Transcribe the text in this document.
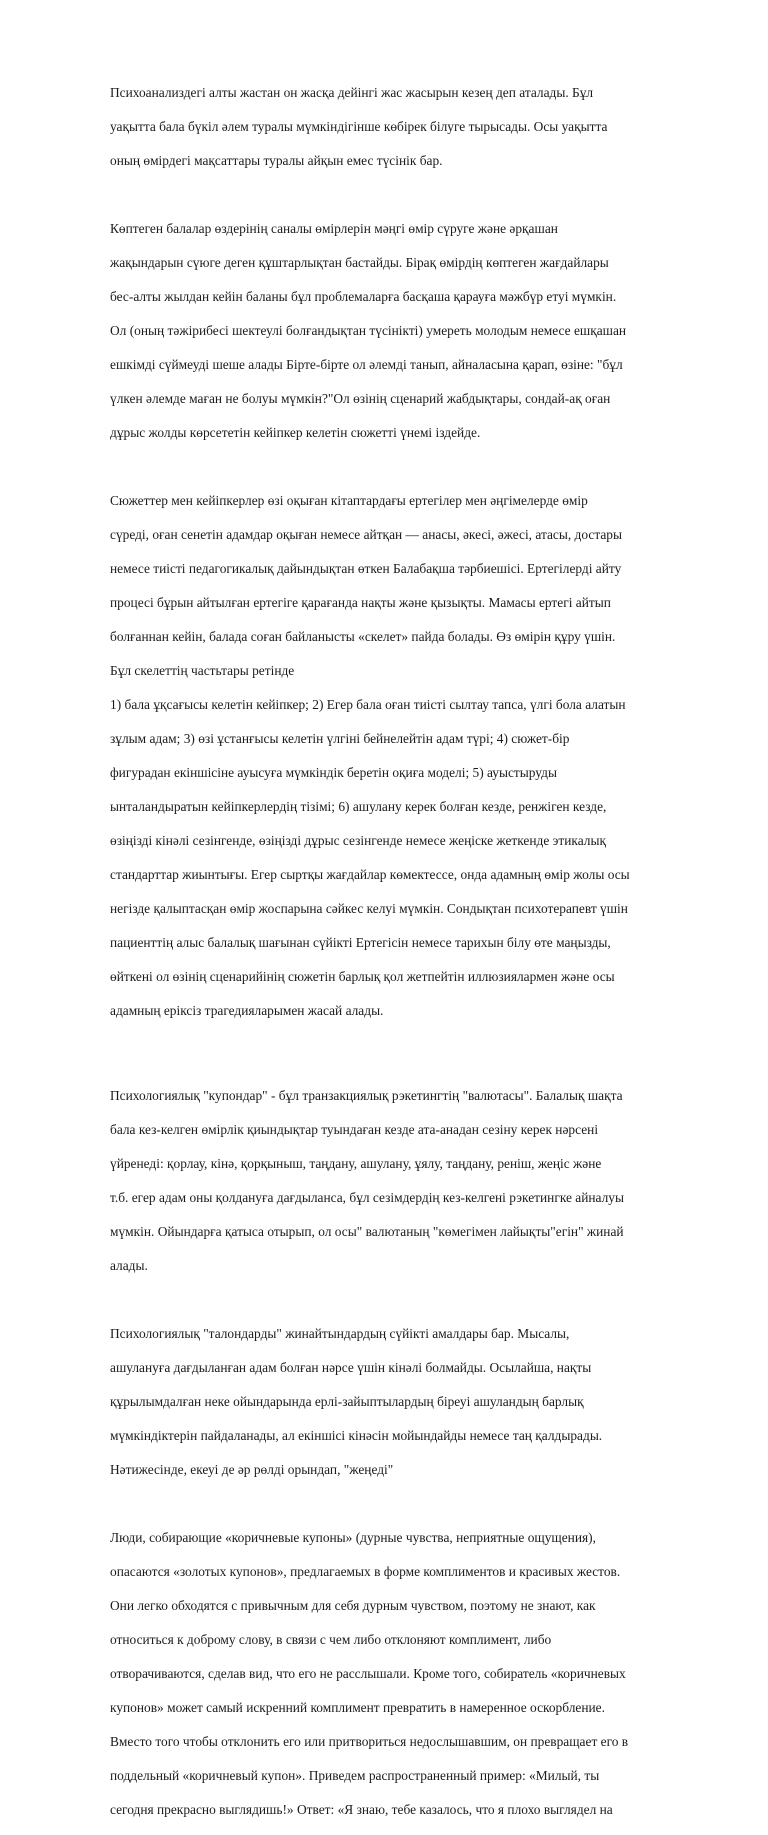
Психоанализдегі алты жастан он жасқа дейінгі жас жасырын кезең деп аталады. Бұл

уақытта бала бүкіл әлем туралы мүмкіндігінше көбірек білуге тырысады. Осы уақытта

оның өмірдегі мақсаттары туралы айқын емес түсінік бар.

Көптеген балалар өздерінің саналы өмірлерін мәңгі өмір сүруге және әрқашан

жақындарын сүюге деген құштарлықтан бастайды. Бірақ өмірдің көптеген жағдайлары

бес-алты жылдан кейін баланы бұл проблемаларға басқаша қарауға мәжбүр етуі мүмкін.

Ол (оның тәжірибесі шектеулі болғандықтан түсінікті) умереть молодым немесе ешқашан

ешкімді сүймеуді шеше алады Бірте-бірте ол әлемді танып, айналасына қарап, өзіне: "бұл

үлкен әлемде маған не болуы мүмкін?"Ол өзінің сценарий жабдықтары, сондай-ақ оған

дұрыс жолды көрсететін кейіпкер келетін сюжетті үнемі іздейде.

Сюжеттер мен кейіпкерлер өзі оқыған кітаптардағы ертегілер мен әңгімелерде өмір

сүреді, оған сенетін адамдар оқыған немесе айтқан — анасы, әкесі, әжесі, атасы, достары

немесе тиісті педагогикалық дайындықтан өткен Балабақша тәрбиешісі. Ертегілерді айту

процесі бұрын айтылған ертегіге қарағанда нақты және қызықты. Мамасы ертегі айтып

болғаннан кейін, балада соған байланысты «скелет» пайда болады. Өз өмірін құру үшін.

Бұл скелеттің частьтары ретінде

1) бала ұқсағысы келетін кейіпкер; 2) Егер бала оған тиісті сылтау тапса, үлгі бола алатын

зұлым адам; 3) өзі ұстанғысы келетін үлгіні бейнелейтін адам түрі; 4) сюжет-бір

фигурадан екіншісіне ауысуға мүмкіндік беретін оқиға моделі; 5) ауыстыруды

ынталандыратын кейіпкерлердің тізімі; 6) ашулану керек болған кезде, ренжіген кезде,

өзіңізді кінәлі сезінгенде, өзіңізді дұрыс сезінгенде немесе жеңіске жеткенде этикалық

стандарттар жиынтығы. Егер сыртқы жағдайлар көмектессе, онда адамның өмір жолы осы

негізде қалыптасқан өмір жоспарына сәйкес келуі мүмкін. Сондықтан психотерапевт үшін

пациенттің алыс балалық шағынан сүйікті Ертегісін немесе тарихын білу өте маңызды,

өйткені ол өзінің сценарийінің сюжетін барлық қол жетпейтін иллюзиялармен және осы

адамның еріксіз трагедияларымен жасай алады.

Психологиялық "купондар" - бұл транзакциялық рэкетингтің "валютасы". Балалық шақта

бала кез-келген өмірлік қиындықтар туындаған кезде ата-анадан сезіну керек нәрсені

үйренеді: қорлау, кінә, қорқыныш, таңдану, ашулану, ұялу, таңдану, реніш, жеңіс және

т.б. егер адам оны қолдануға дағдыланса, бұл сезімдердің кез-келгені рэкетингке айналуы

мүмкін. Ойындарға қатыса отырып, ол осы" валютаның "көмегімен лайықты"егін" жинай

алады.

Психологиялық "талондарды" жинайтындардың сүйікті амалдары бар. Мысалы,

ашулануға дағдыланған адам болған нәрсе үшін кінәлі болмайды. Осылайша, нақты

құрылымдалған неке ойындарында ерлі-зайыптылардың біреуі ашуландың барлық

мүмкіндіктерін пайдаланады, ал екіншісі кінәсін мойындайды немесе таң қалдырады.

Нәтижесінде, екеуі де әр рөлді орындап, "жеңеді"

Люди, собирающие «коричневые купоны» (дурные чувства, неприятные ощущения),

опасаются «золотых купонов», предлагаемых в форме комплиментов и красивых жестов.

Они легко обходятся с привычным для себя дурным чувством, поэтому не знают, как

относиться к доброму слову, в связи с чем либо отклоняют комплимент, либо

отворачиваются, сделав вид, что его не расслышали. Кроме того, собиратель «коричневых

купонов» может самый искренний комплимент превратить в намеренное оскорбление.

Вместо того чтобы отклонить его или притвориться недослышавшим, он превращает его в

поддельный «коричневый купон». Приведем распространенный пример: «Милый, ты

сегодня прекрасно выглядишь!» Ответ: «Я знаю, тебе казалось, что я плохо выглядел на
